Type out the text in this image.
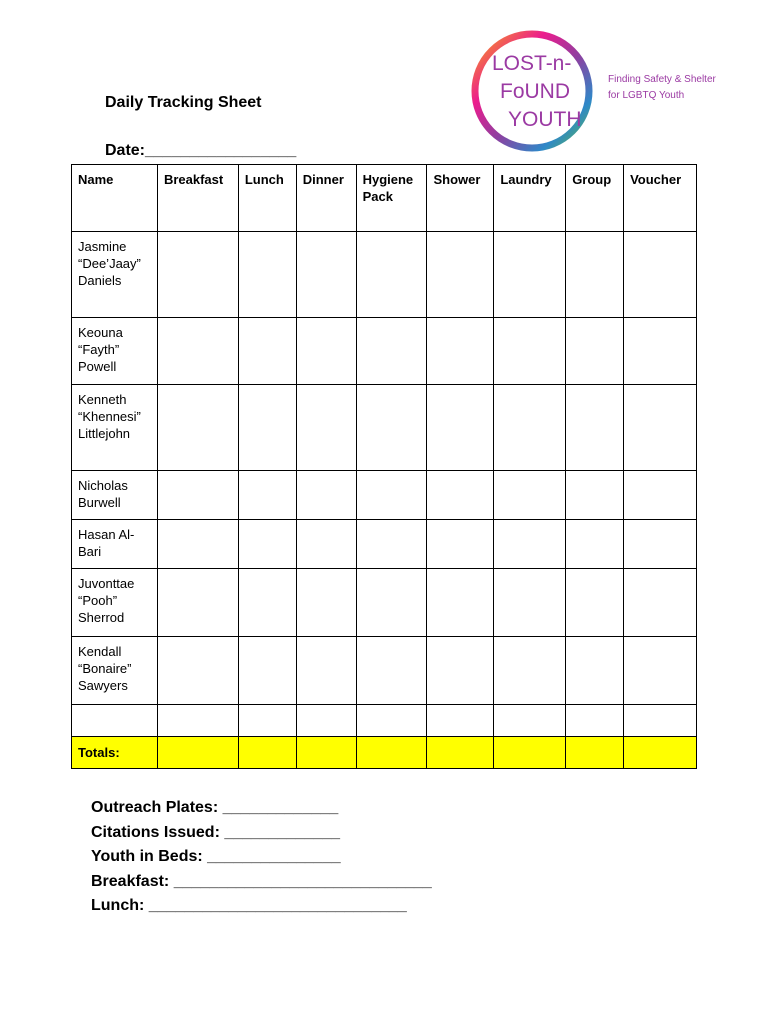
Daily Tracking Sheet
Date:_________________
LOST-n-
FoUND
YOUTH
Finding Safety & Shelter
for LGBTQ Youth
Name	Breakfast	Lunch	Dinner	Hygiene Pack	Shower	Laundry	Group	Voucher
Jasmine “Dee’Jaay” Daniels								
Keouna “Fayth” Powell								
Kenneth “Khennesi” Littlejohn								
Nicholas Burwell								
Hasan Al-Bari								
Juvonttae “Pooh” Sherrod								
Kendall “Bonaire” Sawyers								

Totals:								
Outreach Plates: _____________
Citations Issued: _____________
Youth in Beds: _______________
Breakfast: _____________________________
Lunch: _____________________________
